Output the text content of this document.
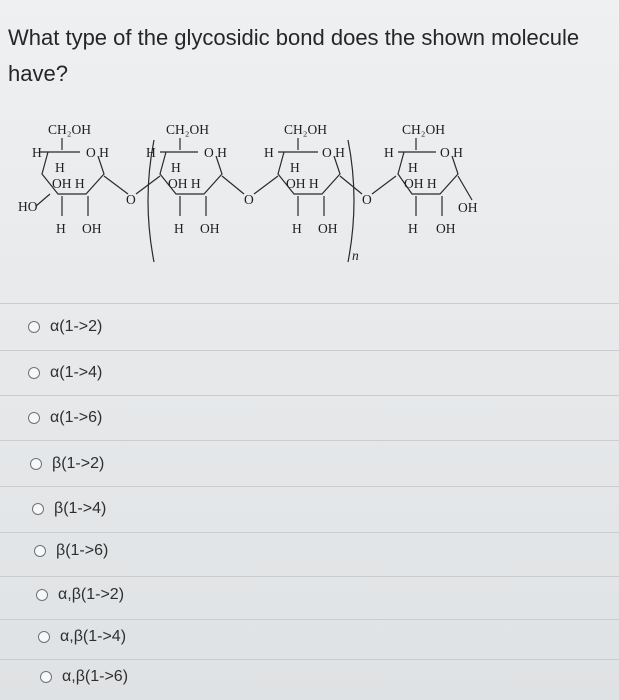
What type of the glycosidic bond does the shown molecule have?
CH₂OH
H	O H
H
OH H
HO
H OH
O
CH₂OH
H	O H
H
OH H
H OH
O
CH₂OH
H	O H
H
OH H
H OH
n
O
CH₂OH
H	O H
H
OH H
OH
H OH
α(1->2)
α(1->4)
α(1->6)
β(1->2)
β(1->4)
β(1->6)
α,β(1->2)
α,β(1->4)
α,β(1->6)
